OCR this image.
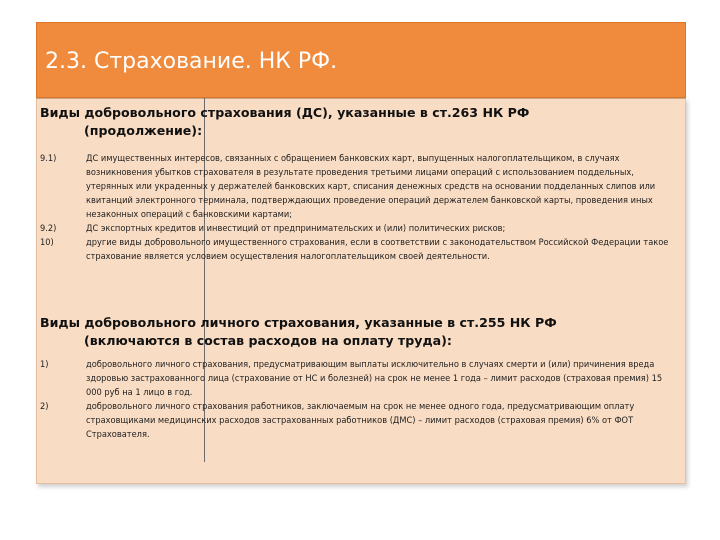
2.3. Страхование. НК РФ.
Виды добровольного страхования (ДС), указанные в ст.263 НК РФ
(продолжение):
9.1)	ДС имущественных интересов, связанных с обращением банковских карт, выпущенных налогоплательщиком, в случаях возникновения убытков страхователя в результате проведения третьими лицами операций с использованием поддельных, утерянных или украденных у держателей банковских карт, списания денежных средств на основании подделанных слипов или квитанций электронного терминала, подтверждающих проведение операций держателем банковской карты, проведения иных незаконных операций с банковскими картами;
9.2)	ДС экспортных кредитов и инвестиций от предпринимательских и (или) политических рисков;
10)	другие виды добровольного имущественного страхования, если в соответствии с законодательством Российской Федерации такое страхование является условием осуществления налогоплательщиком своей деятельности.
Виды добровольного личного страхования, указанные в ст.255 НК РФ
(включаются в состав расходов на оплату труда):
1)	добровольного личного страхования, предусматривающим выплаты исключительно в случаях смерти и (или) причинения вреда здоровью застрахованного лица (страхование от НС и болезней) на срок не менее 1 года – лимит расходов (страховая премия) 15 000 руб на 1 лицо в год.
2)	добровольного личного страхования работников, заключаемым на срок не менее одного года, предусматривающим оплату страховщиками медицинских расходов застрахованных работников (ДМС) – лимит расходов (страховая премия) 6% от ФОТ Страхователя.
